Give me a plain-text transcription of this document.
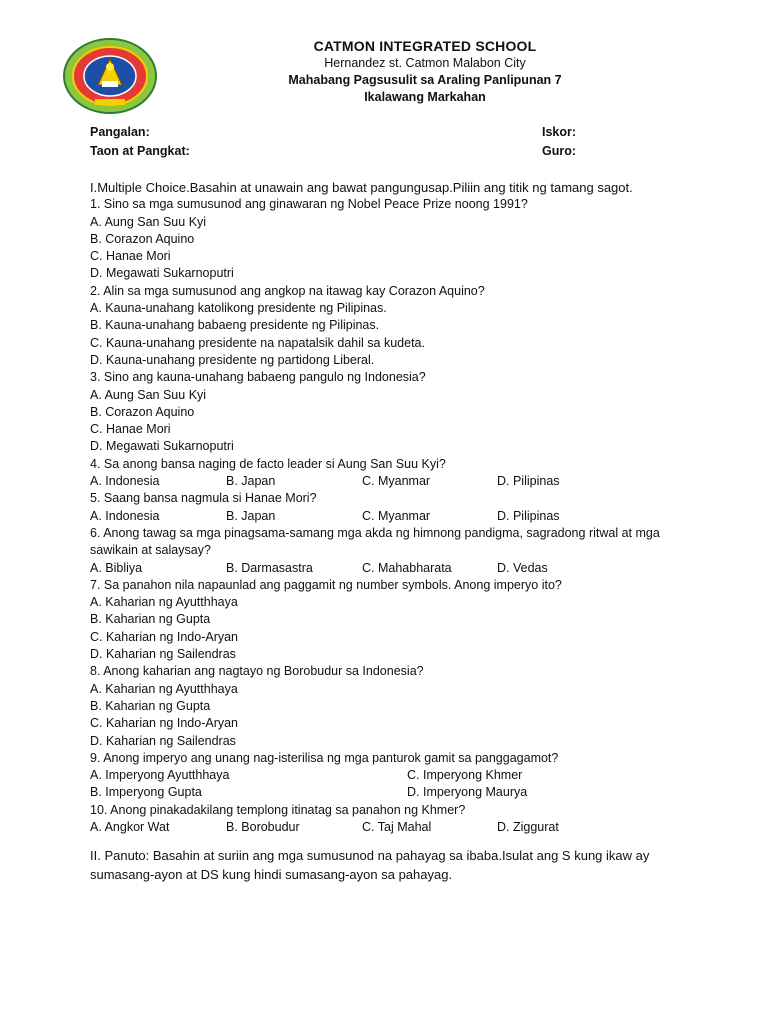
CATMON INTEGRATED SCHOOL
Hernandez st. Catmon Malabon City
Mahabang Pagsusulit sa Araling Panlipunan 7
Ikalawang Markahan
Pangalan:	Iskor:
Taon at Pangkat:	Guro:
I.Multiple Choice.Basahin at unawain ang bawat pangungusap.Piliin ang titik ng tamang sagot.
1. Sino sa mga sumusunod ang ginawaran ng Nobel Peace Prize noong 1991?
A. Aung San Suu Kyi
B. Corazon Aquino
C. Hanae Mori
D. Megawati Sukarnoputri
2. Alin sa mga sumusunod ang angkop na itawag kay Corazon Aquino?
A. Kauna-unahang katolikong presidente ng Pilipinas.
B. Kauna-unahang babaeng presidente ng Pilipinas.
C. Kauna-unahang presidente na napatalsik dahil sa kudeta.
D. Kauna-unahang presidente ng partidong Liberal.
3. Sino ang kauna-unahang babaeng pangulo ng Indonesia?
A. Aung San Suu Kyi
B. Corazon Aquino
C. Hanae Mori
D. Megawati Sukarnoputri
4. Sa anong bansa naging de facto leader si Aung San Suu Kyi?
A. Indonesia	B. Japan	C. Myanmar	D. Pilipinas
5. Saang bansa nagmula si Hanae Mori?
A. Indonesia	B. Japan	C. Myanmar	D. Pilipinas
6. Anong tawag sa mga pinagsama-samang mga akda ng himnong pandigma, sagradong ritwal at mga
sawikain at salaysay?
A. Bibliya	B. Darmasastra	C. Mahabharata	D. Vedas
7. Sa panahon nila napaunlad ang paggamit ng number symbols. Anong imperyo ito?
A. Kaharian ng Ayutthhaya
B. Kaharian ng Gupta
C. Kaharian ng Indo-Aryan
D. Kaharian ng Sailendras
8. Anong kaharian ang nagtayo ng Borobudur sa Indonesia?
A. Kaharian ng Ayutthhaya
B. Kaharian ng Gupta
C. Kaharian ng Indo-Aryan
D. Kaharian ng Sailendras
9. Anong imperyo ang unang nag-isterilisa ng mga panturok gamit sa panggagamot?
A. Imperyong Ayutthhaya	C. Imperyong Khmer
B. Imperyong Gupta	D. Imperyong Maurya
10. Anong pinakadakilang templong itinatag sa panahon ng Khmer?
A. Angkor Wat	B. Borobudur	C. Taj Mahal	D. Ziggurat
II. Panuto: Basahin at suriin ang mga sumusunod na pahayag sa ibaba.Isulat ang S kung ikaw ay
sumasang-ayon at DS kung hindi sumasang-ayon sa pahayag.
